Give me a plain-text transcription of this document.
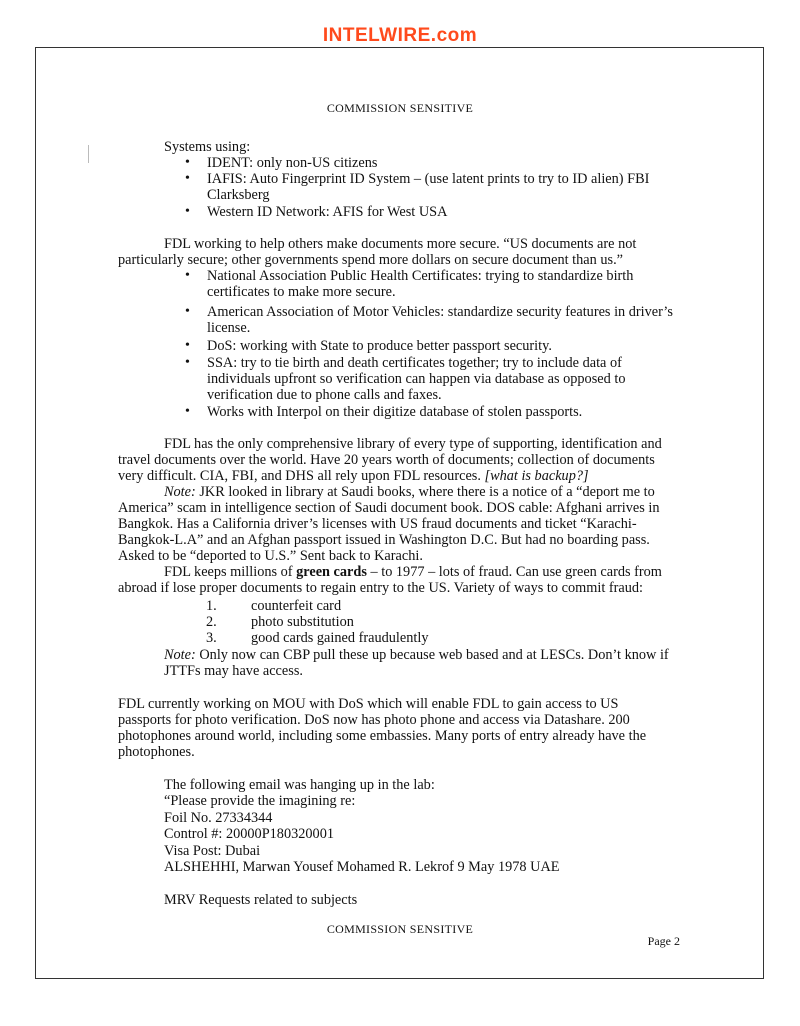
INTELWIRE.com
COMMISSION SENSITIVE
Systems using:
• IDENT: only non-US citizens
• IAFIS: Auto Fingerprint ID System – (use latent prints to try to ID alien) FBI
Clarksberg
• Western ID Network: AFIS for West USA
FDL working to help others make documents more secure. “US documents are not
particularly secure; other governments spend more dollars on secure document than us.”
• National Association Public Health Certificates: trying to standardize birth
certificates to make more secure.
• American Association of Motor Vehicles: standardize security features in driver’s
license.
• DoS: working with State to produce better passport security.
• SSA: try to tie birth and death certificates together; try to include data of
individuals upfront so verification can happen via database as opposed to
verification due to phone calls and faxes.
• Works with Interpol on their digitize database of stolen passports.
FDL has the only comprehensive library of every type of supporting, identification and
travel documents over the world. Have 20 years worth of documents; collection of documents
very difficult. CIA, FBI, and DHS all rely upon FDL resources. [what is backup?]
Note: JKR looked in library at Saudi books, where there is a notice of a “deport me to
America” scam in intelligence section of Saudi document book. DOS cable: Afghani arrives in
Bangkok. Has a California driver’s licenses with US fraud documents and ticket “Karachi-
Bangkok-L.A” and an Afghan passport issued in Washington D.C. But had no boarding pass.
Asked to be “deported to U.S.” Sent back to Karachi.
FDL keeps millions of green cards – to 1977 – lots of fraud. Can use green cards from
abroad if lose proper documents to regain entry to the US. Variety of ways to commit fraud:
1. counterfeit card
2. photo substitution
3. good cards gained fraudulently
Note: Only now can CBP pull these up because web based and at LESCs. Don’t know if
JTTFs may have access.
FDL currently working on MOU with DoS which will enable FDL to gain access to US
passports for photo verification. DoS now has photo phone and access via Datashare. 200
photophones around world, including some embassies. Many ports of entry already have the
photophones.
The following email was hanging up in the lab:
“Please provide the imagining re:
Foil No. 27334344
Control #: 20000P180320001
Visa Post: Dubai
ALSHEHHI, Marwan Yousef Mohamed R. Lekrof 9 May 1978 UAE
MRV Requests related to subjects
COMMISSION SENSITIVE
Page 2
